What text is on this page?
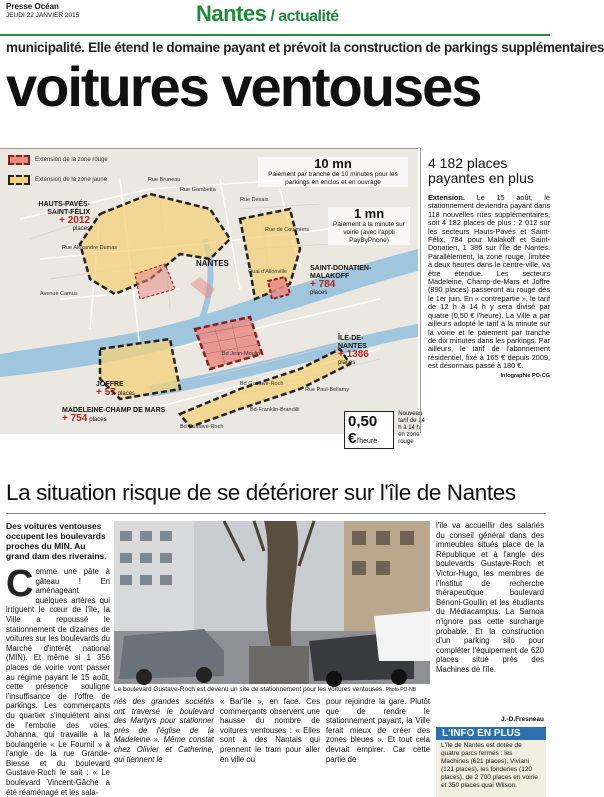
Presse Océan
JEUDI 22 JANVIER 2015	Nantes / actualité
municipalité. Elle étend le domaine payant et prévoit la construction de parkings supplémentaires
voitures ventouses
Extension de la zone rouge
Extension de la zone jaune
10 mn
Paiement par tranche de 10 minutes pour les parkings en enclos et en ouvrage
1 mn
Paiement à la minute sur voirie (avec l'appli PayByPhone)
HAUTS-PAVÉS- SAINT-FÉLIX
+ 2012
places
SAINT-DONATIEN- MALAKOFF
+ 784
places
ÎLE-DE- NANTES
+ 1386
places
JOFFRE
+ 57 places
MADELEINE-CHAMP DE MARS
+ 754 places
NANTES
Rue Bruneau
Rue Gambetta
Rue Desaix
Rue de Coulmiers
Quai d'Allonville
Avenue Camus
Rue Alexandre Dumas
Rue Paul-Bellamy
Bd Gustave-Roch
Bd Gustave-Roch
Bd-Franklin-Brandilli
Bd Jean-Moulin
0,50 €l'heure
Nouveau tarif de 14 h à 14 h en zone rouge
4 182 places payantes en plus
Extension. Le 15 août, le stationnement deviendra payant dans 118 nouvelles rues supplémentaires, soit 4 182 places de plus : 2 012 sur les secteurs Hauts-Pavés et Saint-Félix, 784 pour Malakoff et Saint-Donatien, 1 386 sur l'Île de Nantes. Parallèlement, la zone rouge, limitée à deux heures dans le centre-ville, va être étendue. Les secteurs Madeleine, Champ-de-Mars et Joffre (890 places) passeront au rouge dès le 1er juin. En « contrepartie », le tarif de 12 h à 14 h y sera divisé par quatre (0,50 € l'heure). La Ville a par ailleurs adopté le tarif à la minute sur la voirie et le paiement par tranche de dix minutes dans les parkings. Par ailleurs, le tarif de l'abonnement résidentiel, fixé à 165 € depuis 2009, est désormais passé à 180 €.
Infographie PO-CG
La situation risque de se détériorer sur l'île de Nantes
Des voitures ventouses occupent les boulevards proches du MIN. Au grand dam des riverains.
Comme une pâte à gâteau ! En aménageant quelques artères qui irriguent le cœur de l'île, la Ville a repoussé le stationnement de dizaines de voitures sur les boulevards du Marché d'intérêt national (MIN). Et même si 1 356 places de voirie vont passer au régime payant le 15 août, cette présence souligne l'insuffisance de l'offre de parkings. Les commerçants du quartier s'inquiètent ainsi de l'embolie des voies. Johanna, qui travaille à la boulangerie « Le Fournil » à l'angle de la rue Grande-Biesse et du boulevard Gustave-Roch le sait : « Le boulevard Vincent-Gâche a été réaménagé et les sala-
Le boulevard Gustave-Roch est devenu un site de stationnement pour les voitures ventouses. Photo PO-NB
riés des grandes sociétés ont traversé le boulevard des Martyrs pour stationner près de l'église de la Madeleine ». Même constat chez Olivier et Catherine, qui tiennent le
« Bar'île », en face. Ces commerçants observent une hausse du nombre de voitures ventouses : « Elles sont à des Nantais qui prennent le tram pour aller en ville ou
pour rejoindre la gare. Plutôt que de rendre le stationnement payant, la Ville ferait mieux de créer des zones bleues ». Et tout cela devrait empirer. Car cette partie de
l'île va accueillir des salariés du conseil général dans des immeubles situés place de la République et à l'angle des boulevards Gustave-Roch et Victor-Hugo, les membres de l'Institut de recherche thérapeutique boulevard Bénoni-Goullin et les étudiants du Médiacampus. La Samoa n'ignore pas cette surcharge probable. Et la construction d'un parking silo pour compléter l'équipement de 620 places situé près des Machines de l'île.
J.-D.Fresneau
L'INFO EN PLUS
L'île de Nantes est dotée de quatre parcs fermés : les Machines (621 places), Viviani (121 places), les fonderies (120 places), de 2 700 places en voirie et 350 places quai Wilson.
